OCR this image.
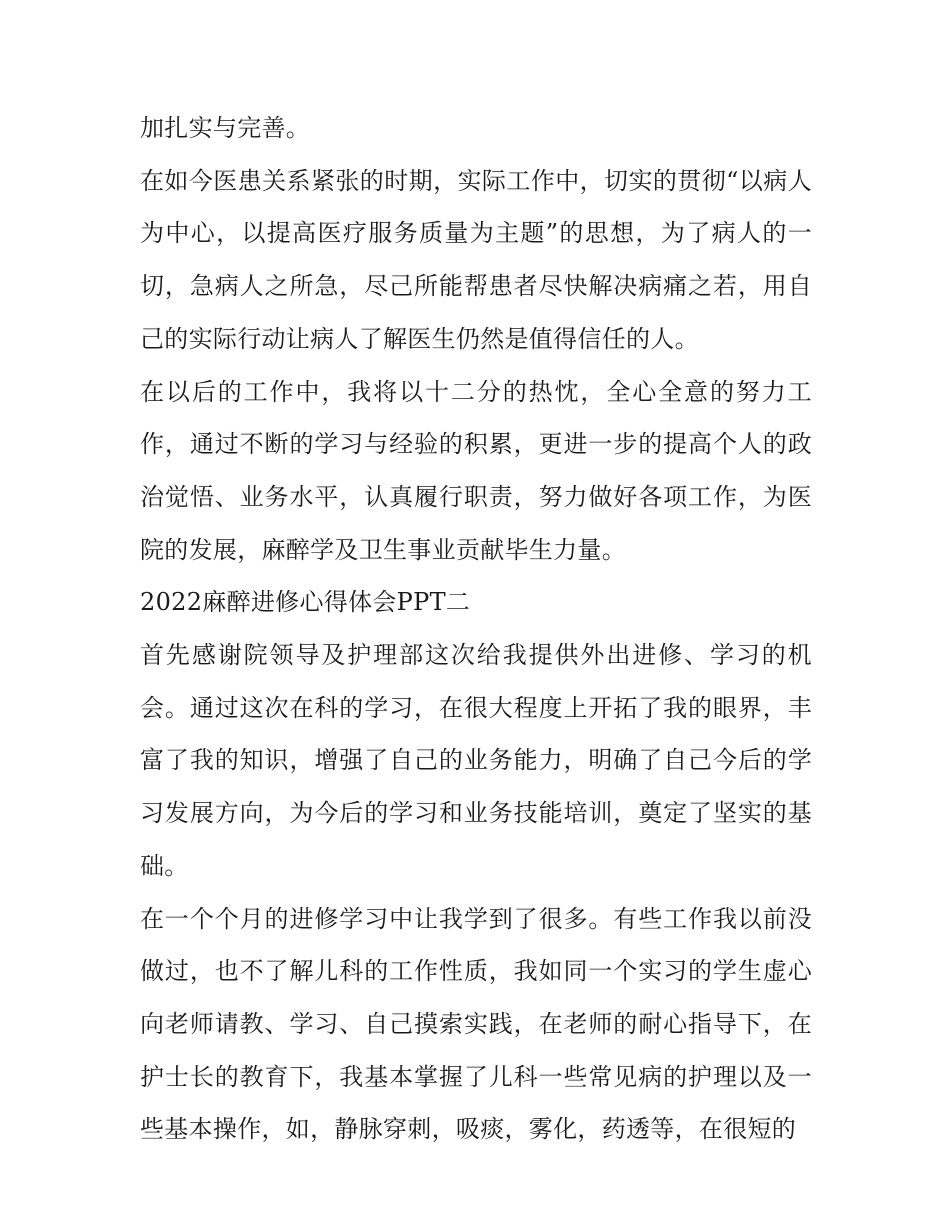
加扎实与完善。

在如今医患关系紧张的时期，实际工作中，切实的贯彻“以病人为中心，以提高医疗服务质量为主题”的思想，为了病人的一切，急病人之所急，尽己所能帮患者尽快解决病痛之若，用自己的实际行动让病人了解医生仍然是值得信任的人。

在以后的工作中，我将以十二分的热忱，全心全意的努力工作，通过不断的学习与经验的积累，更进一步的提高个人的政治觉悟、业务水平，认真履行职责，努力做好各项工作，为医院的发展，麻醉学及卫生事业贡献毕生力量。

2022麻醉进修心得体会PPT二

首先感谢院领导及护理部这次给我提供外出进修、学习的机会。通过这次在科的学习，在很大程度上开拓了我的眼界，丰富了我的知识，增强了自己的业务能力，明确了自己今后的学习发展方向，为今后的学习和业务技能培训，奠定了坚实的基础。

在一个个月的进修学习中让我学到了很多。有些工作我以前没做过，也不了解儿科的工作性质，我如同一个实习的学生虚心向老师请教、学习、自己摸索实践，在老师的耐心指导下，在护士长的教育下，我基本掌握了儿科一些常见病的护理以及一些基本操作，如，静脉穿刺，吸痰，雾化，药透等，在很短的
